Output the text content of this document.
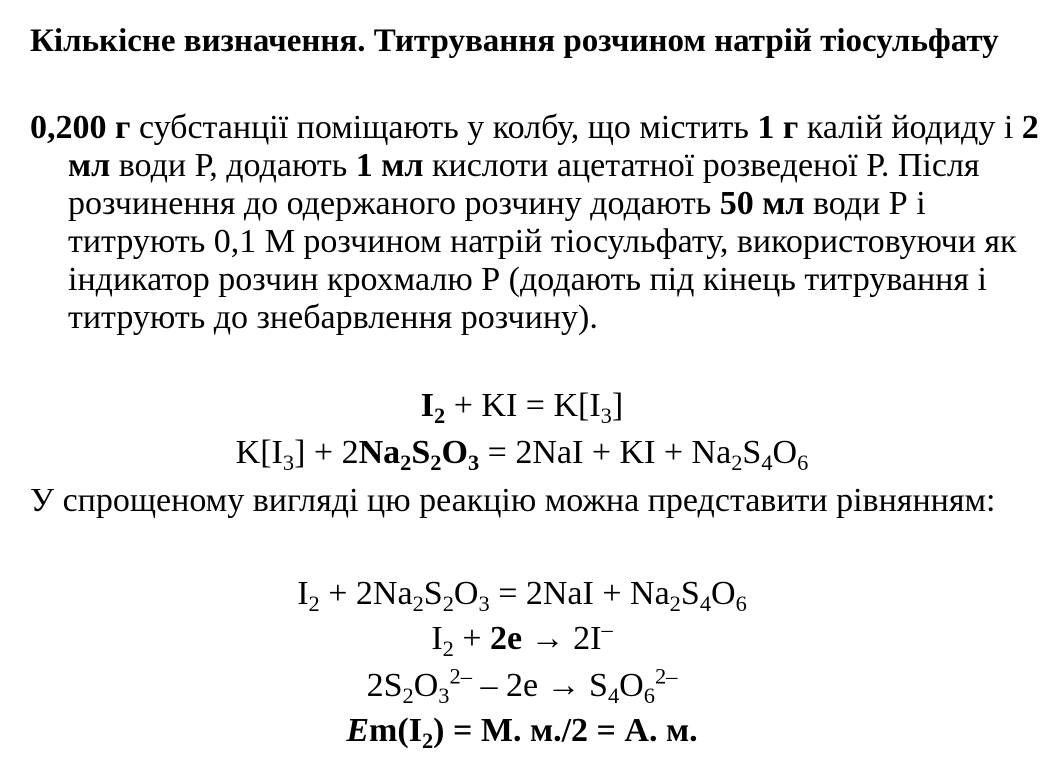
Кількісне визначення. Титрування розчином натрій тіосульфату

0,200 г субстанції поміщають у колбу, що містить 1 г калій йодиду і 2 мл води Р, додають 1 мл кислоти ацетатної розведеної Р. Після розчинення до одержаного розчину додають 50 мл води Р і титрують 0,1 М розчином натрій тіосульфату, використовуючи як індикатор розчин крохмалю Р (додають під кінець титрування і титрують до знебарвлення розчину).

$I_2$ + KI = $K[I_3]$

$K[I_3] + 2Na_2S_2O_3 = 2NaI$ + KI + $Na_2S_4O_6$

У спрощеному вигляді цю реакцію можна представити рівнянням:

$I_2 + 2Na_2S_2O_3 = 2NaI + Na_2S_4O_6$

$I_2 + 2e \to 2I^-$

$2S_2O_3^{2-} - 2e \to S_4O_6^{2-}$

$Em(I_2) = М$. м./2 = А. м.
